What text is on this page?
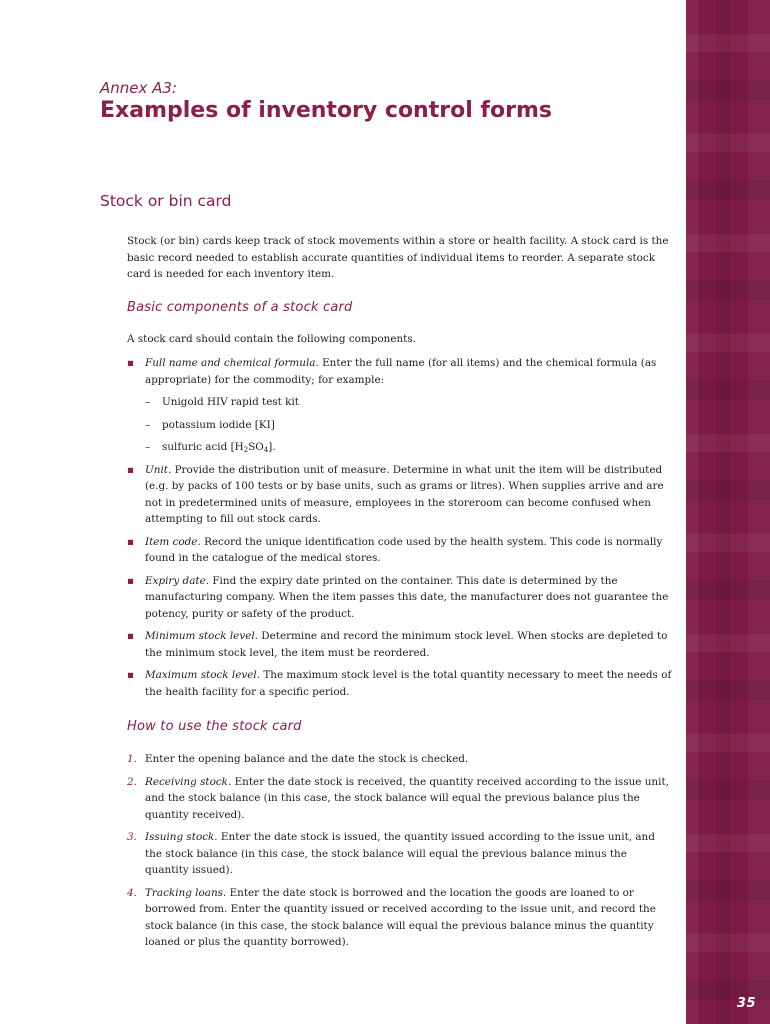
Annex A3:
Examples of inventory control forms
Stock or bin card

Stock (or bin) cards keep track of stock movements within a store or health facility. A stock card is the basic record needed to establish accurate quantities of individual items to reorder. A separate stock card is needed for each inventory item.

Basic components of a stock card

A stock card should contain the following components.

▪ Full name and chemical formula. Enter the full name (for all items) and the chemical formula (as appropriate) for the commodity; for example:
– Unigold HIV rapid test kit
– potassium iodide [KI]
– sulfuric acid $[H_2SO_4]$.
▪ Unit. Provide the distribution unit of measure. Determine in what unit the item will be distributed (e.g. by packs of 100 tests or by base units, such as grams or litres). When supplies arrive and are not in predetermined units of measure, employees in the storeroom can become confused when attempting to fill out stock cards.
▪ Item code. Record the unique identification code used by the health system. This code is normally found in the catalogue of the medical stores.
▪ Expiry date. Find the expiry date printed on the container. This date is determined by the manufacturing company. When the item passes this date, the manufacturer does not guarantee the potency, purity or safety of the product.
▪ Minimum stock level. Determine and record the minimum stock level. When stocks are depleted to the minimum stock level, the item must be reordered.
▪ Maximum stock level. The maximum stock level is the total quantity necessary to meet the needs of the health facility for a specific period.
How to use the stock card
1. Enter the opening balance and the date the stock is checked.
2. Receiving stock. Enter the date stock is received, the quantity received according to the issue unit, and the stock balance (in this case, the stock balance will equal the previous balance plus the quantity received).
3. Issuing stock. Enter the date stock is issued, the quantity issued according to the issue unit, and the stock balance (in this case, the stock balance will equal the previous balance minus the quantity issued).
4. Tracking loans. Enter the date stock is borrowed and the location the goods are loaned to or borrowed from. Enter the quantity issued or received according to the issue unit, and record the stock balance (in this case, the stock balance will equal the previous balance minus the quantity loaned or plus the quantity borrowed).
35
